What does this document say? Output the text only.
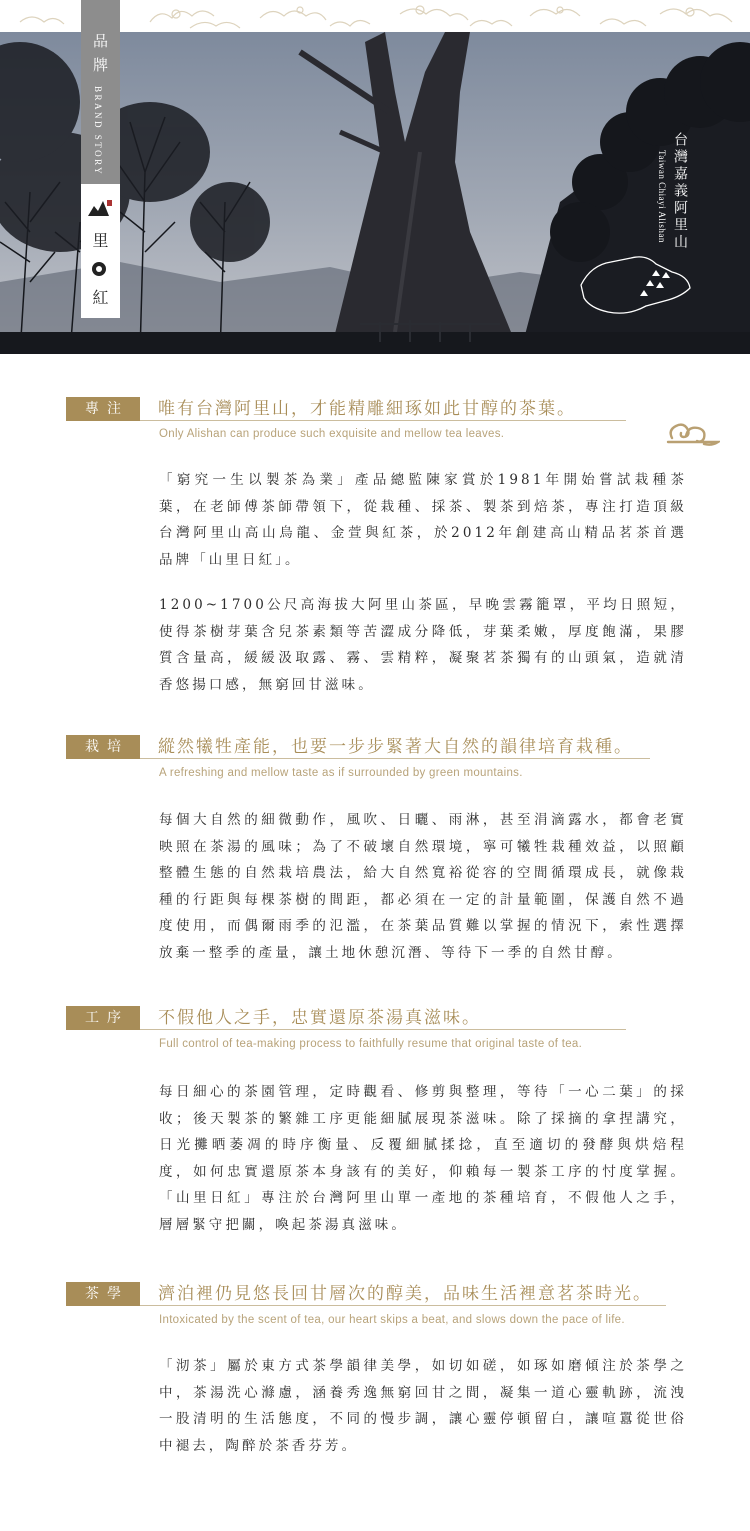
品
牌
BRAND STORY
里
紅
台灣嘉義阿里山
Taiwan Chiayi Alishan
專注	唯有台灣阿里山，才能精雕細琢如此甘醇的茶葉。
Only Alishan can produce such exquisite and mellow tea leaves.

「窮究一生以製茶為業」產品總監陳家賞於1981年開始嘗試栽種茶葉，在老師傅茶師帶領下，從栽種、採茶、製茶到焙茶，專注打造頂級台灣阿里山高山烏龍、金萱與紅茶，於2012年創建高山精品茗茶首選品牌「山里日紅」。

1200~1700公尺高海拔大阿里山茶區，早晚雲霧籠罩，平均日照短，使得茶樹芽葉含兒茶素類等苦澀成分降低，芽葉柔嫩，厚度飽滿，果膠質含量高，緩緩汲取露、霧、雲精粹，凝聚茗茶獨有的山頭氣，造就清香悠揚口感，無窮回甘滋味。

栽培	縱然犧牲產能，也要一步步緊著大自然的韻律培育栽種。
A refreshing and mellow taste as if surrounded by green mountains.

每個大自然的細微動作，風吹、日曬、雨淋，甚至涓滴露水，都會老實映照在茶湯的風味；為了不破壞自然環境，寧可犧牲栽種效益，以照顧整體生態的自然栽培農法，給大自然寬裕從容的空間循環成長，就像栽種的行距與每棵茶樹的間距，都必須在一定的計量範圍，保護自然不過度使用，而偶爾雨季的氾濫，在茶葉品質難以掌握的情況下，索性選擇放棄一整季的產量，讓土地休憩沉潛、等待下一季的自然甘醇。

工序	不假他人之手，忠實還原茶湯真滋味。
Full control of tea-making process to faithfully resume that original taste of tea.

每日細心的茶園管理，定時觀看、修剪與整理，等待「一心二葉」的採收；後天製茶的繁雜工序更能細膩展現茶滋味。除了採摘的拿捏講究，日光攤晒萎凋的時序衡量、反覆細膩揉捻，直至適切的發酵與烘焙程度，如何忠實還原茶本身該有的美好，仰賴每一製茶工序的忖度掌握。「山里日紅」專注於台灣阿里山單一產地的茶種培育，不假他人之手，層層緊守把關，喚起茶湯真滋味。

茶學	濟泊裡仍見悠長回甘層次的醇美，品味生活裡意茗茶時光。
Intoxicated by the scent of tea, our heart skips a beat, and slows down the pace of life.

「沏茶」屬於東方式茶學韻律美學，如切如磋，如琢如磨傾注於茶學之中，茶湯洗心滌慮，涵養秀逸無窮回甘之間，凝集一道心靈軌跡，流洩一股清明的生活態度，不同的慢步調，讓心靈停頓留白，讓喧囂從世俗中褪去，陶醉於茶香芬芳。
